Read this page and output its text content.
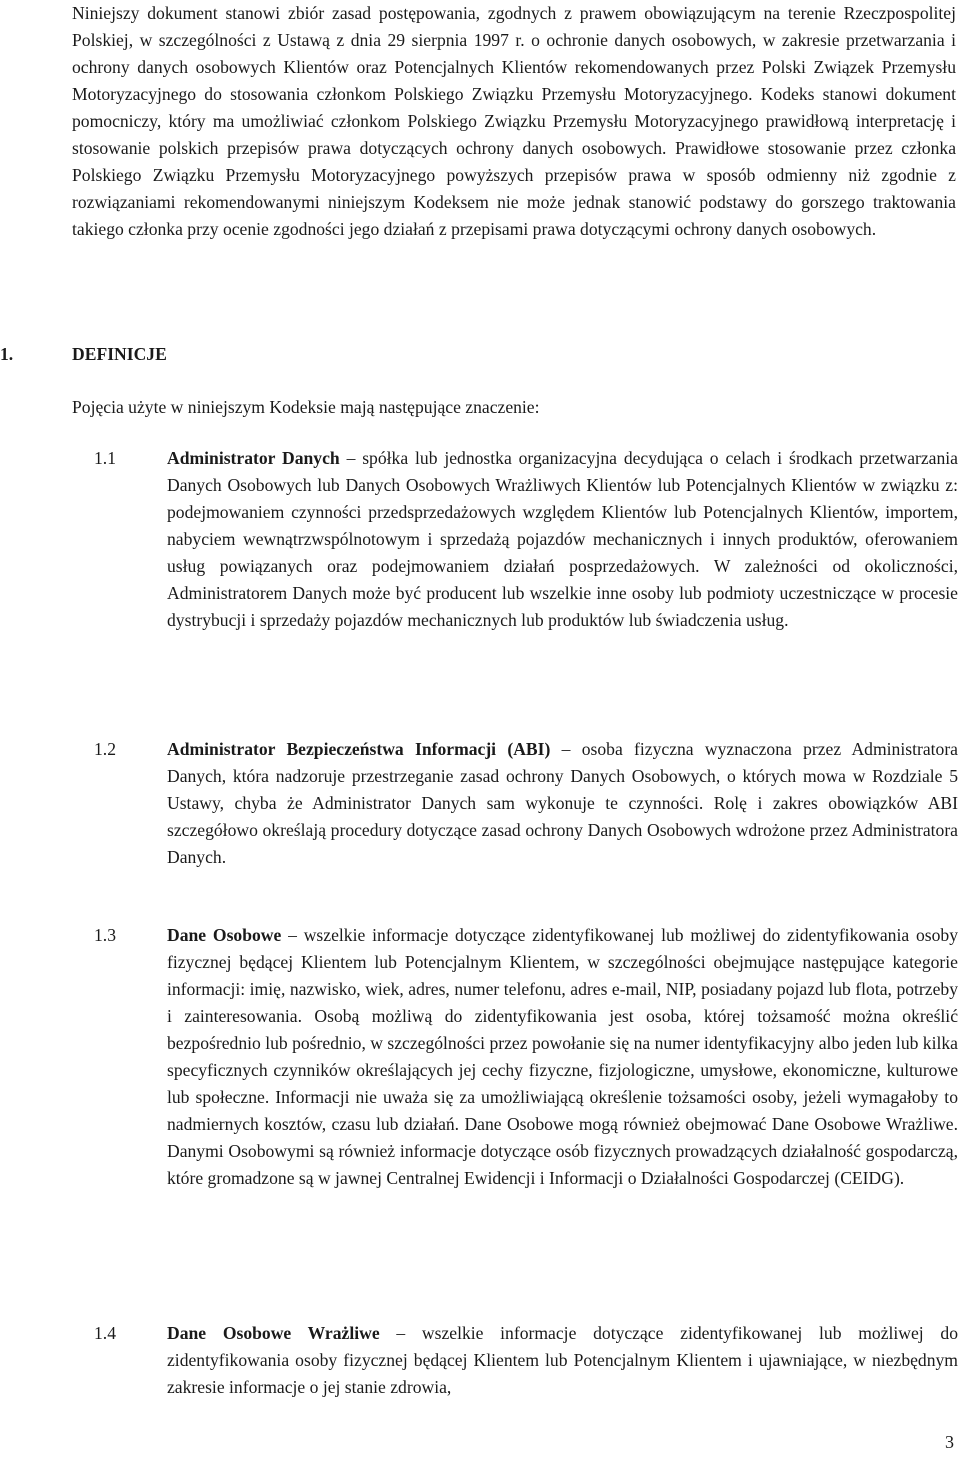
Niniejszy dokument stanowi zbiór zasad postępowania, zgodnych z prawem obowiązującym na terenie Rzeczpospolitej Polskiej, w szczególności z Ustawą z dnia 29 sierpnia 1997 r. o ochronie danych osobowych, w zakresie przetwarzania i ochrony danych osobowych Klientów oraz Potencjalnych Klientów rekomendowanych przez Polski Związek Przemysłu Motoryzacyjnego do stosowania członkom Polskiego Związku Przemysłu Motoryzacyjnego. Kodeks stanowi dokument pomocniczy, który ma umożliwiać członkom Polskiego Związku Przemysłu Motoryzacyjnego prawidłową interpretację i stosowanie polskich przepisów prawa dotyczących ochrony danych osobowych. Prawidłowe stosowanie przez członka Polskiego Związku Przemysłu Motoryzacyjnego powyższych przepisów prawa w sposób odmienny niż zgodnie z rozwiązaniami rekomendowanymi niniejszym Kodeksem nie może jednak stanowić podstawy do gorszego traktowania takiego członka przy ocenie zgodności jego działań z przepisami prawa dotyczącymi ochrony danych osobowych.

1.	DEFINICJE

Pojęcia użyte w niniejszym Kodeksie mają następujące znaczenie:

1.1	Administrator Danych – spółka lub jednostka organizacyjna decydująca o celach i środkach przetwarzania Danych Osobowych lub Danych Osobowych Wrażliwych Klientów lub Potencjalnych Klientów w związku z: podejmowaniem czynności przedsprzedażowych względem Klientów lub Potencjalnych Klientów, importem, nabyciem wewnątrzwspólnotowym i sprzedażą pojazdów mechanicznych i innych produktów, oferowaniem usług powiązanych oraz podejmowaniem działań posprzedażowych. W zależności od okoliczności, Administratorem Danych może być producent lub wszelkie inne osoby lub podmioty uczestniczące w procesie dystrybucji i sprzedaży pojazdów mechanicznych lub produktów lub świadczenia usług.

1.2	Administrator Bezpieczeństwa Informacji (ABI) – osoba fizyczna wyznaczona przez Administratora Danych, która nadzoruje przestrzeganie zasad ochrony Danych Osobowych, o których mowa w Rozdziale 5 Ustawy, chyba że Administrator Danych sam wykonuje te czynności. Rolę i zakres obowiązków ABI szczegółowo określają procedury dotyczące zasad ochrony Danych Osobowych wdrożone przez Administratora Danych.

1.3	Dane Osobowe – wszelkie informacje dotyczące zidentyfikowanej lub możliwej do zidentyfikowania osoby fizycznej będącej Klientem lub Potencjalnym Klientem, w szczególności obejmujące następujące kategorie informacji: imię, nazwisko, wiek, adres, numer telefonu, adres e-mail, NIP, posiadany pojazd lub flota, potrzeby i zainteresowania. Osobą możliwą do zidentyfikowania jest osoba, której tożsamość można określić bezpośrednio lub pośrednio, w szczególności przez powołanie się na numer identyfikacyjny albo jeden lub kilka specyficznych czynników określających jej cechy fizyczne, fizjologiczne, umysłowe, ekonomiczne, kulturowe lub społeczne. Informacji nie uważa się za umożliwiającą określenie tożsamości osoby, jeżeli wymagałoby to nadmiernych kosztów, czasu lub działań. Dane Osobowe mogą również obejmować Dane Osobowe Wrażliwe. Danymi Osobowymi są również informacje dotyczące osób fizycznych prowadzących działalność gospodarczą, które gromadzone są w jawnej Centralnej Ewidencji i Informacji o Działalności Gospodarczej (CEIDG).

1.4	Dane Osobowe Wrażliwe – wszelkie informacje dotyczące zidentyfikowanej lub możliwej do zidentyfikowania osoby fizycznej będącej Klientem lub Potencjalnym Klientem i ujawniające, w niezbędnym zakresie informacje o jej stanie zdrowia,

3
